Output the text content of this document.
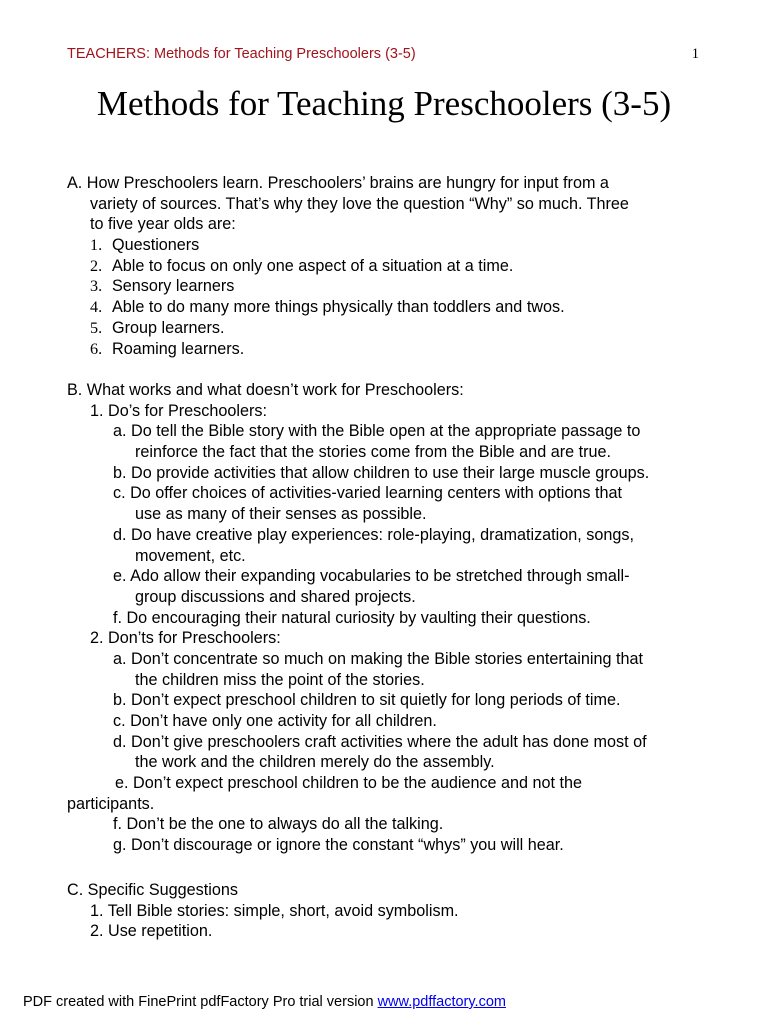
TEACHERS: Methods for Teaching Preschoolers (3-5)	1
Methods for Teaching Preschoolers (3-5)
A. How Preschoolers learn. Preschoolers’ brains are hungry for input from a
variety of sources. That’s why they love the question “Why” so much. Three
to five year olds are:
1. Questioners
2. Able to focus on only one aspect of a situation at a time.
3. Sensory learners
4. Able to do many more things physically than toddlers and twos.
5. Group learners.
6. Roaming learners.
B. What works and what doesn’t work for Preschoolers:
1. Do’s for Preschoolers:
a. Do tell the Bible story with the Bible open at the appropriate passage to
reinforce the fact that the stories come from the Bible and are true.
b. Do provide activities that allow children to use their large muscle groups.
c. Do offer choices of activities-varied learning centers with options that
use as many of their senses as possible.
d. Do have creative play experiences: role-playing, dramatization, songs,
movement, etc.
e. Ado allow their expanding vocabularies to be stretched through small-
group discussions and shared projects.
f. Do encouraging their natural curiosity by vaulting their questions.
2. Don’ts for Preschoolers:
a. Don’t concentrate so much on making the Bible stories entertaining that
the children miss the point of the stories.
b. Don’t expect preschool children to sit quietly for long periods of time.
c. Don’t have only one activity for all children.
d. Don’t give preschoolers craft activities where the adult has done most of
the work and the children merely do the assembly.
e. Don’t expect preschool children to be the audience and not the
participants.
f. Don’t be the one to always do all the talking.
g. Don’t discourage or ignore the constant “whys” you will hear.
C. Specific Suggestions
1. Tell Bible stories: simple, short, avoid symbolism.
2. Use repetition.
PDF created with FinePrint pdfFactory Pro trial version www.pdffactory.com
